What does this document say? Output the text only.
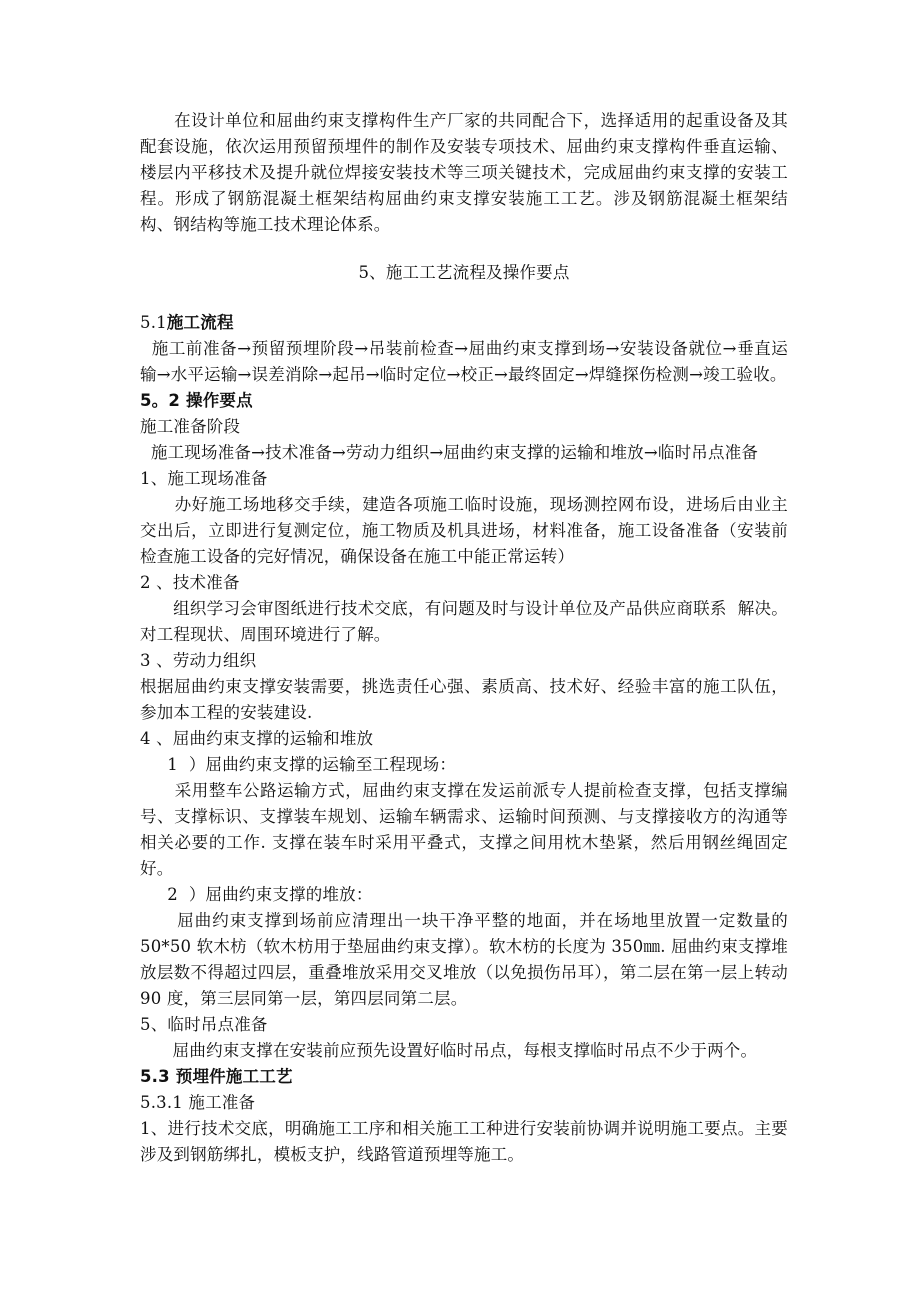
　　在设计单位和屈曲约束支撑构件生产厂家的共同配合下，选择适用的起重设备及其配套设施，依次运用预留预埋件的制作及安装专项技术、屈曲约束支撑构件垂直运输、楼层内平移技术及提升就位焊接安装技术等三项关键技术，完成屈曲约束支撑的安装工程。形成了钢筋混凝土框架结构屈曲约束支撑安装施工工艺。涉及钢筋混凝土框架结构、钢结构等施工技术理论体系。

5、施工工艺流程及操作要点

5.1施工流程

施工前准备→预留预埋阶段→吊装前检查→屈曲约束支撑到场→安装设备就位→垂直运输→水平运输→误差消除→起吊→临时定位→校正→最终固定→焊缝探伤检测→竣工验收。

5。2 操作要点

施工准备阶段

施工现场准备→技术准备→劳动力组织→屈曲约束支撑的运输和堆放→临时吊点准备

1、施工现场准备

办好施工场地移交手续，建造各项施工临时设施，现场测控网布设，进场后由业主交出后，立即进行复测定位，施工物质及机具进场，材料准备，施工设备准备（安装前检查施工设备的完好情况，确保设备在施工中能正常运转）

2 、技术准备

组织学习会审图纸进行技术交底，有问题及时与设计单位及产品供应商联系  解决。对工程现状、周围环境进行了解。

3 、劳动力组织

根据屈曲约束支撑安装需要，挑选责任心强、素质高、技术好、经验丰富的施工队伍，参加本工程的安装建设.

4 、屈曲约束支撑的运输和堆放

1  ）屈曲约束支撑的运输至工程现场：

采用整车公路运输方式，屈曲约束支撑在发运前派专人提前检查支撑，包括支撑编号、支撑标识、支撑装车规划、运输车辆需求、运输时间预测、与支撑接收方的沟通等相关必要的工作. 支撑在装车时采用平叠式，支撑之间用枕木垫紧，然后用钢丝绳固定好。

2  ）屈曲约束支撑的堆放：

屈曲约束支撑到场前应清理出一块干净平整的地面，并在场地里放置一定数量的 50*50 软木枋（软木枋用于垫屈曲约束支撑）。软木枋的长度为 350㎜. 屈曲约束支撑堆放层数不得超过四层，重叠堆放采用交叉堆放（以免损伤吊耳），第二层在第一层上转动 90 度，第三层同第一层，第四层同第二层。

5、临时吊点准备

屈曲约束支撑在安装前应预先设置好临时吊点，每根支撑临时吊点不少于两个。

5.3 预埋件施工工艺

5.3.1 施工准备

1、进行技术交底，明确施工工序和相关施工工种进行安装前协调并说明施工要点。主要涉及到钢筋绑扎，模板支护，线路管道预埋等施工。
